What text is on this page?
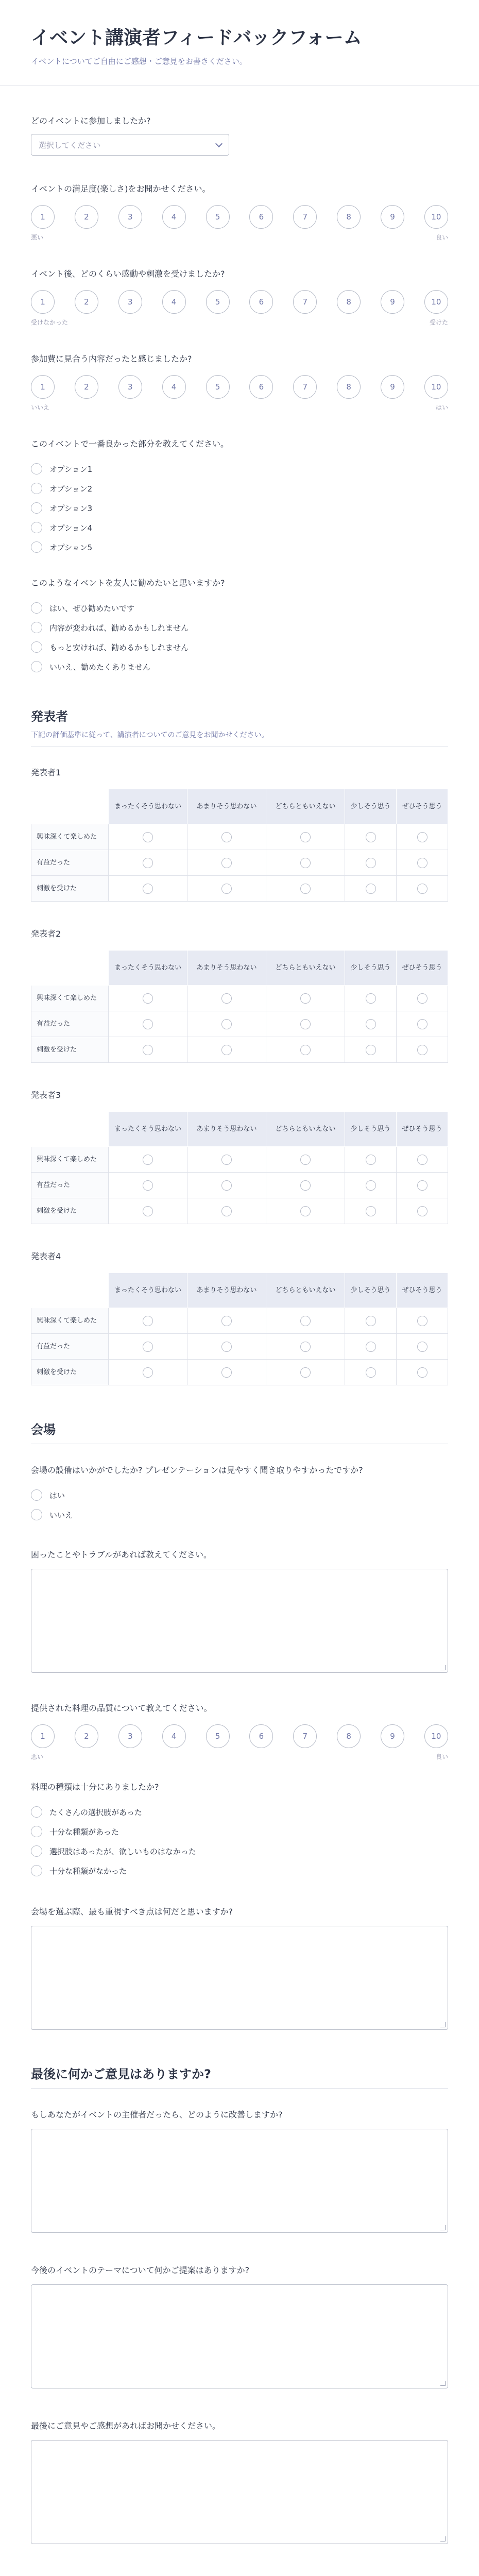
イベント講演者フィードバックフォーム

イベントについてご自由にご感想・ご意見をお書きください。

どのイベントに参加しましたか?
選択してください
イベントの満足度(楽しさ)をお聞かせください。
1	2	3	4	5	6	7	8	9	10
悪い	良い
イベント後、どのくらい感動や刺激を受けましたか?
1	2	3	4	5	6	7	8	9	10
受けなかった	受けた
参加費に見合う内容だったと感じましたか?
1	2	3	4	5	6	7	8	9	10
いいえ	はい
このイベントで一番良かった部分を教えてください。
オプション1
オプション2
オプション3
オプション4
オプション5
このようなイベントを友人に勧めたいと思いますか?
はい、ぜひ勧めたいです
内容が変われば、勧めるかもしれません
もっと安ければ、勧めるかもしれません
いいえ、勧めたくありません
発表者
下記の評価基準に従って、講演者についてのご意見をお聞かせください。
発表者1
	まったくそう思わない	あまりそう思わない	どちらともいえない	少しそう思う	ぜひそう思う
興味深くて楽しめた	

有益だった	

刺激を受けた	

発表者2
	まったくそう思わない	あまりそう思わない	どちらともいえない	少しそう思う	ぜひそう思う
興味深くて楽しめた	

有益だった	

刺激を受けた	

発表者3
	まったくそう思わない	あまりそう思わない	どちらともいえない	少しそう思う	ぜひそう思う
興味深くて楽しめた	

有益だった	

刺激を受けた	

発表者4
	まったくそう思わない	あまりそう思わない	どちらともいえない	少しそう思う	ぜひそう思う
興味深くて楽しめた	

有益だった	

刺激を受けた	

会場
会場の設備はいかがでしたか? プレゼンテーションは見やすく聞き取りやすかったですか?
はい
いいえ
困ったことやトラブルがあれば教えてください。
提供された料理の品質について教えてください。
1	2	3	4	5	6	7	8	9	10
悪い	良い
料理の種類は十分にありましたか?
たくさんの選択肢があった
十分な種類があった
選択肢はあったが、欲しいものはなかった
十分な種類がなかった
会場を選ぶ際、最も重視すべき点は何だと思いますか?
最後に何かご意見はありますか?
もしあなたがイベントの主催者だったら、どのように改善しますか?
今後のイベントのテーマについて何かご提案はありますか?
最後にご意見やご感想があればお聞かせください。
